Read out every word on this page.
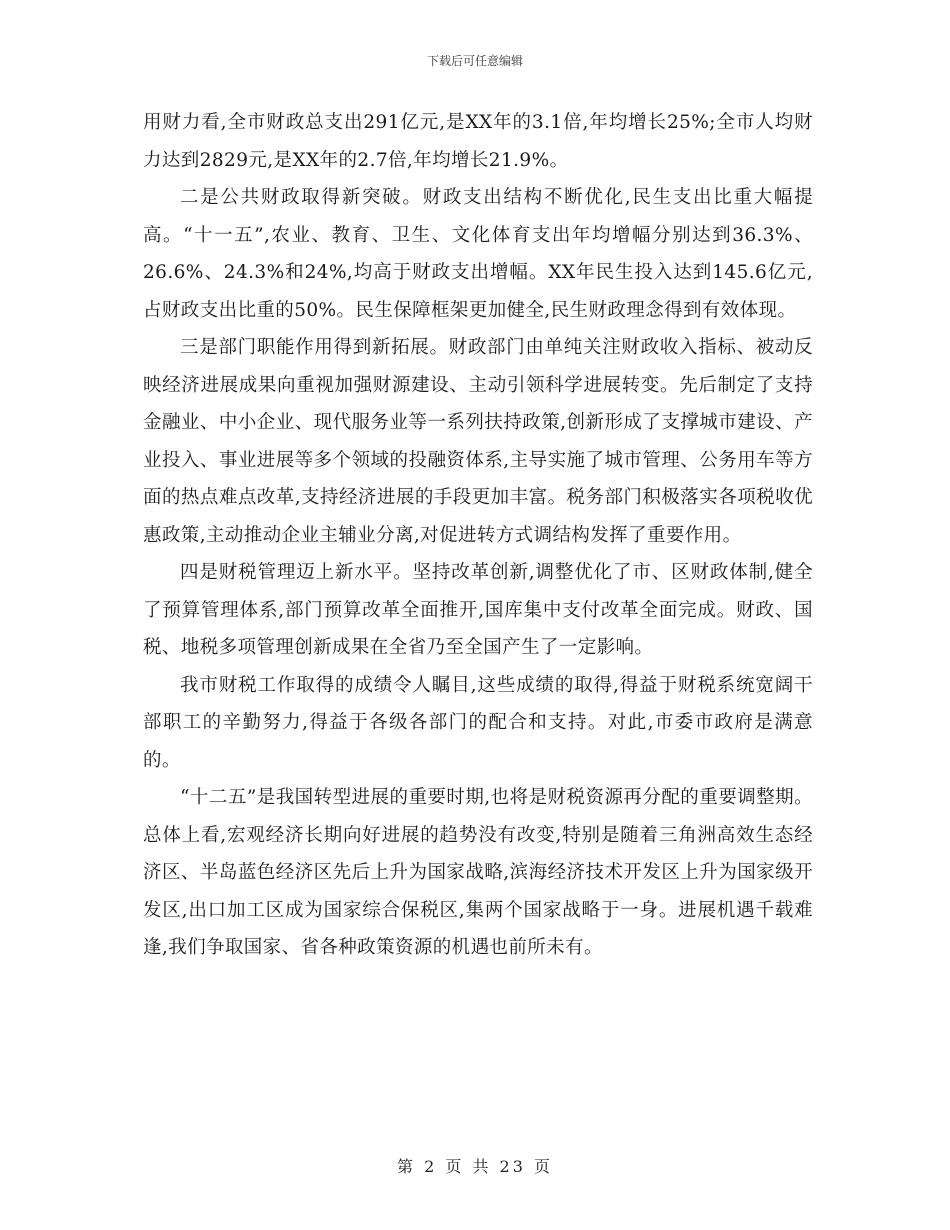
下载后可任意编辑

用财力看,全市财政总支出291亿元,是XX年的3.1倍,年均增长25%;全市人均财力达到2829元,是XX年的2.7倍,年均增长21.9%。

二是公共财政取得新突破。财政支出结构不断优化,民生支出比重大幅提高。“十一五”,农业、教育、卫生、文化体育支出年均增幅分别达到36.3%、26.6%、24.3%和24%,均高于财政支出增幅。XX年民生投入达到145.6亿元,占财政支出比重的50%。民生保障框架更加健全,民生财政理念得到有效体现。

三是部门职能作用得到新拓展。财政部门由单纯关注财政收入指标、被动反映经济进展成果向重视加强财源建设、主动引领科学进展转变。先后制定了支持金融业、中小企业、现代服务业等一系列扶持政策,创新形成了支撑城市建设、产业投入、事业进展等多个领域的投融资体系,主导实施了城市管理、公务用车等方面的热点难点改革,支持经济进展的手段更加丰富。税务部门积极落实各项税收优惠政策,主动推动企业主辅业分离,对促进转方式调结构发挥了重要作用。

四是财税管理迈上新水平。坚持改革创新,调整优化了市、区财政体制,健全了预算管理体系,部门预算改革全面推开,国库集中支付改革全面完成。财政、国税、地税多项管理创新成果在全省乃至全国产生了一定影响。

我市财税工作取得的成绩令人瞩目,这些成绩的取得,得益于财税系统宽阔干部职工的辛勤努力,得益于各级各部门的配合和支持。对此,市委市政府是满意的。

“十二五”是我国转型进展的重要时期,也将是财税资源再分配的重要调整期。总体上看,宏观经济长期向好进展的趋势没有改变,特别是随着三角洲高效生态经济区、半岛蓝色经济区先后上升为国家战略,滨海经济技术开发区上升为国家级开发区,出口加工区成为国家综合保税区,集两个国家战略于一身。进展机遇千载难逢,我们争取国家、省各种政策资源的机遇也前所未有。

第 2 页 共 23 页
